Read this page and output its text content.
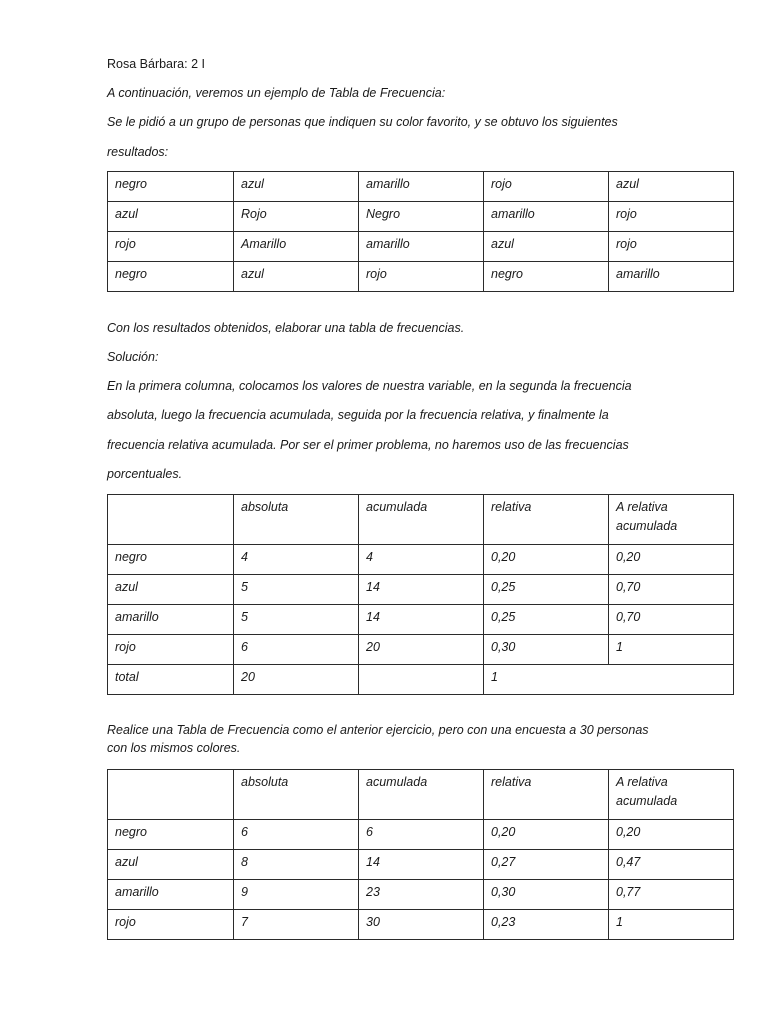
Rosa Bárbara: 2 I
A continuación, veremos un ejemplo de Tabla de Frecuencia:
Se le pidió a un grupo de personas que indiquen su color favorito, y se obtuvo los siguientes
resultados:
negro	azul	amarillo	rojo	azul
azul	Rojo	Negro	amarillo	rojo
rojo	Amarillo	amarillo	azul	rojo
negro	azul	rojo	negro	amarillo
Con los resultados obtenidos, elaborar una tabla de frecuencias.
Solución:
En la primera columna, colocamos los valores de nuestra variable, en la segunda la frecuencia
absoluta, luego la frecuencia acumulada, seguida por la frecuencia relativa, y finalmente la
frecuencia relativa acumulada. Por ser el primer problema, no haremos uso de las frecuencias
porcentuales.
	absoluta	acumulada	relativa	A relativa acumulada
negro	4	4	0,20	0,20
azul	5	14	0,25	0,70
amarillo	5	14	0,25	0,70
rojo	6	20	0,30	1
total	20		1	
Realice una Tabla de Frecuencia como el anterior ejercicio, pero con una encuesta a 30 personas
con los mismos colores.
	absoluta	acumulada	relativa	A relativa acumulada
negro	6	6	0,20	0,20
azul	8	14	0,27	0,47
amarillo	9	23	0,30	0,77
rojo	7	30	0,23	1
